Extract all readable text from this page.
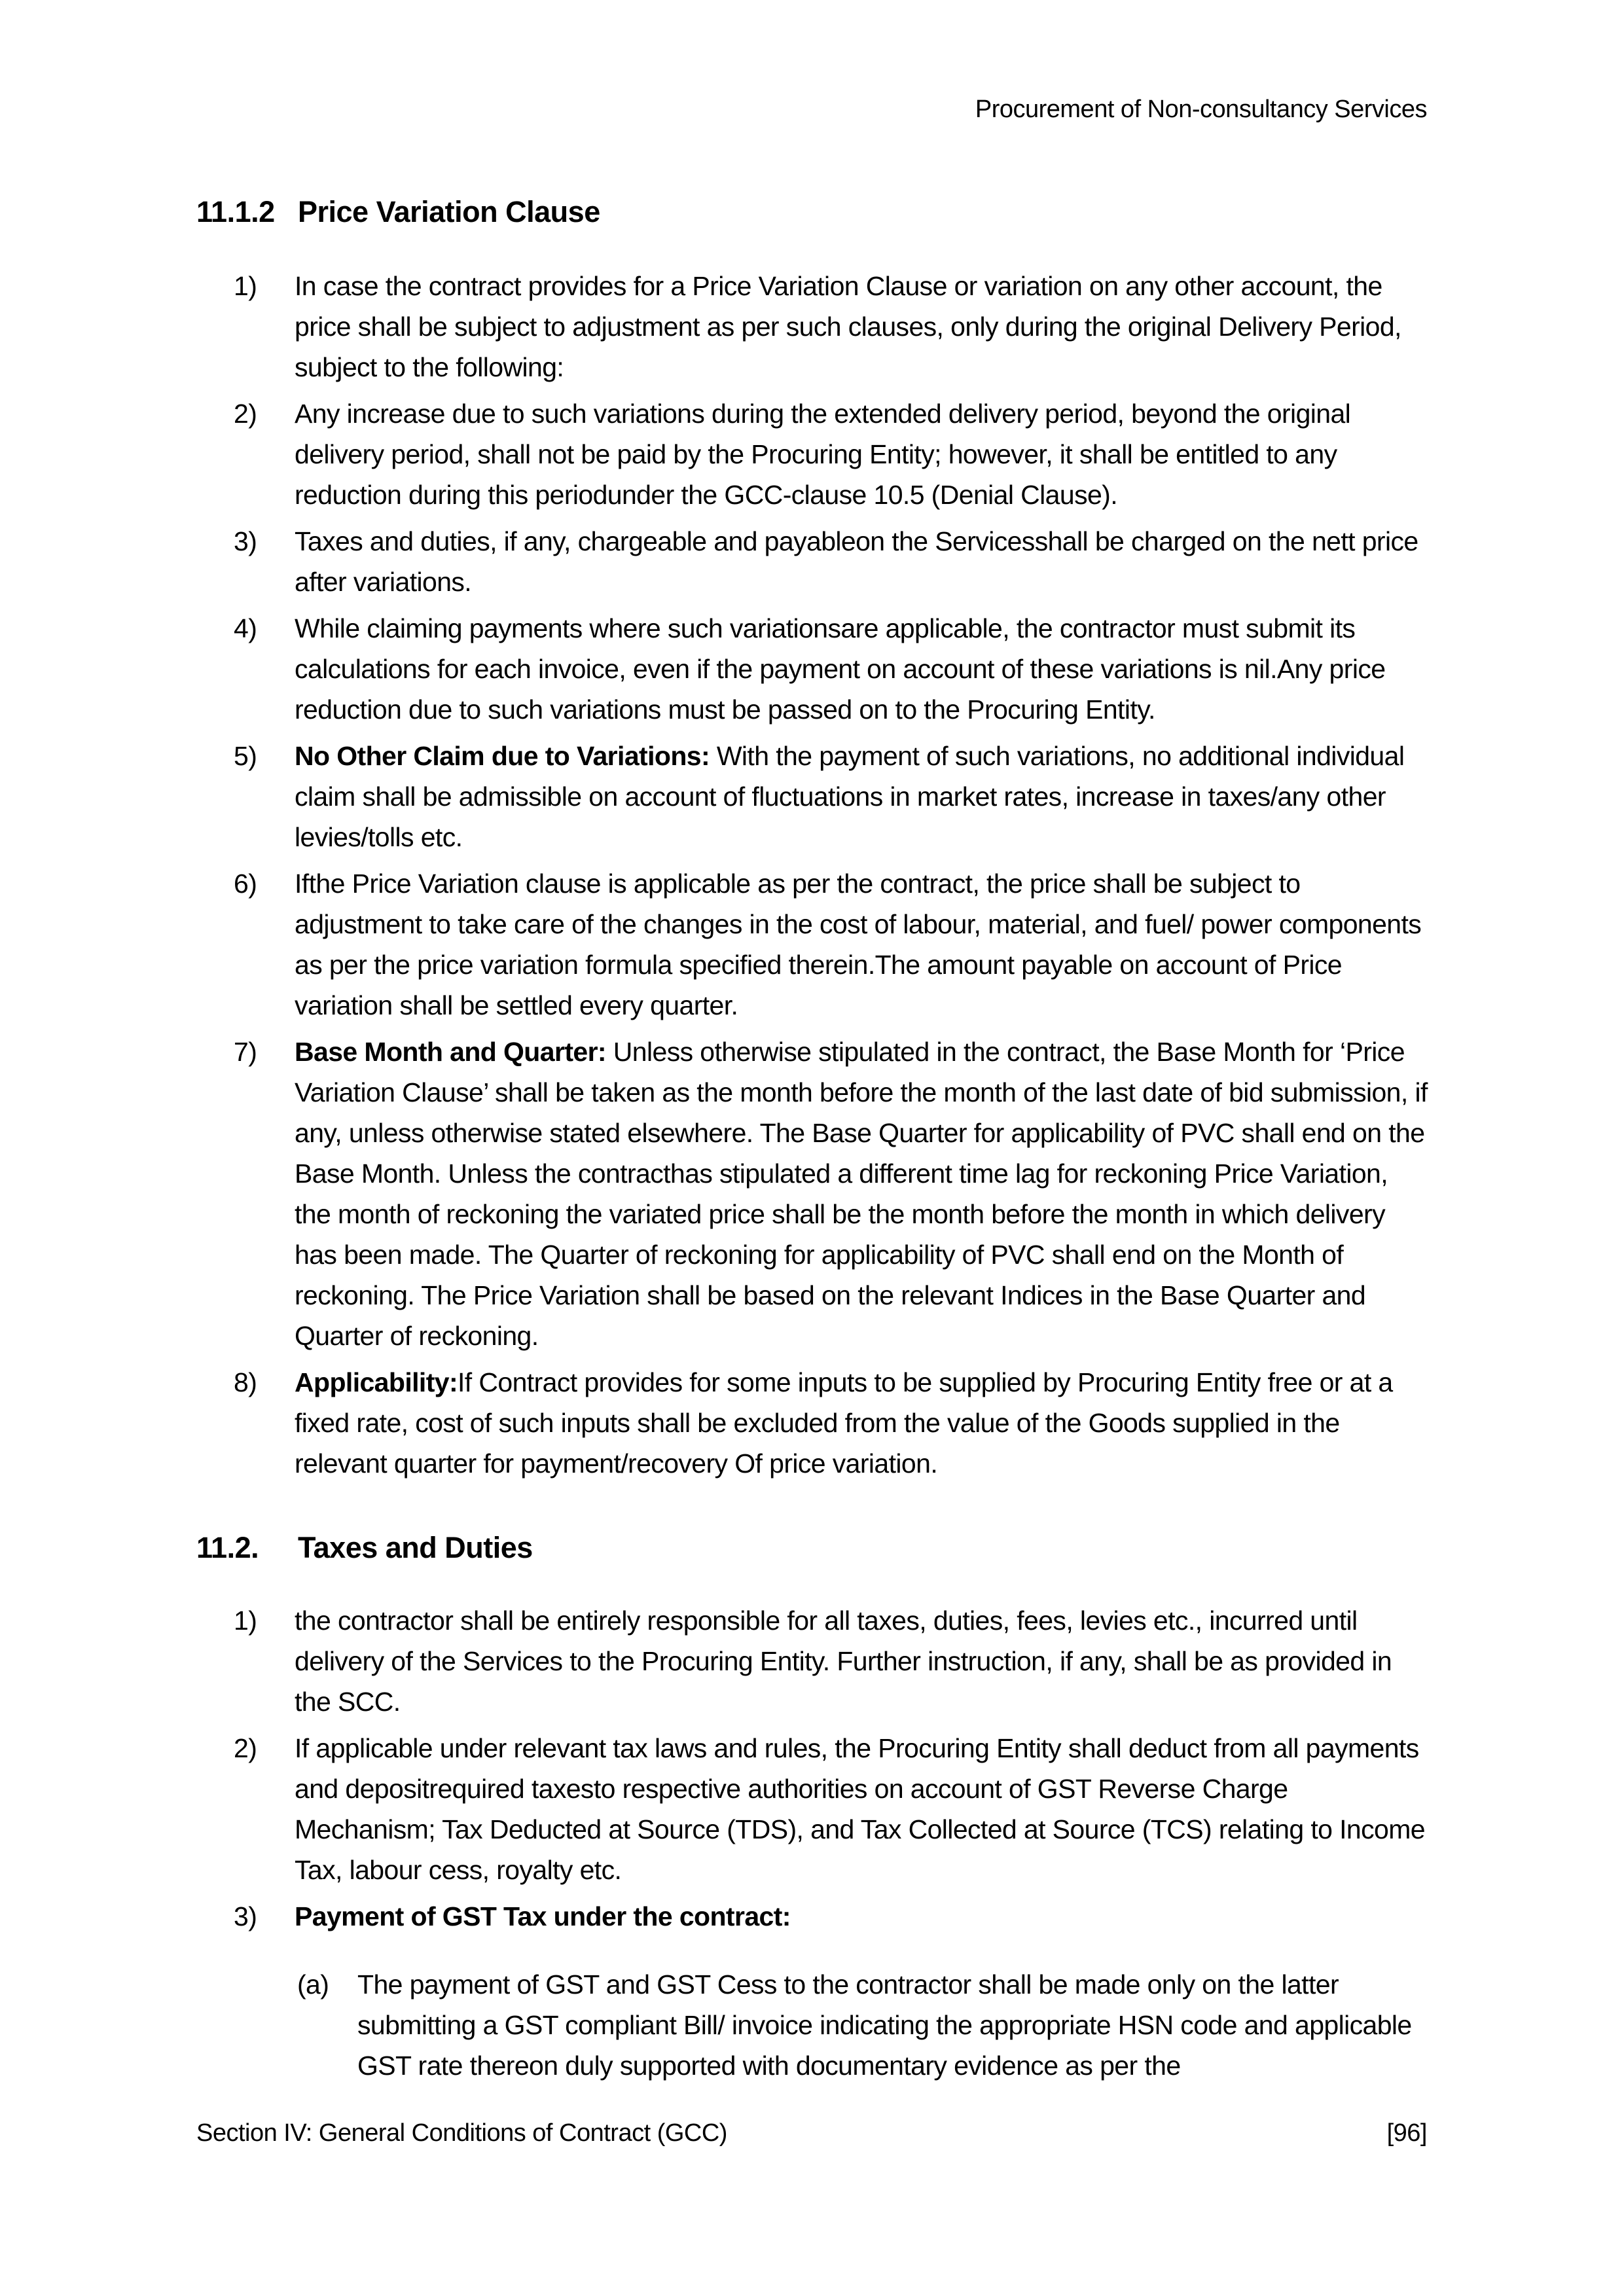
Procurement of Non-consultancy Services
11.1.2 Price Variation Clause
1)	In case the contract provides for a Price Variation Clause or variation on any other account, the price shall be subject to adjustment as per such clauses, only during the original Delivery Period, subject to the following:
2)	Any increase due to such variations during the extended delivery period, beyond the original delivery period, shall not be paid by the Procuring Entity; however, it shall be entitled to any reduction during this periodunder the GCC-clause 10.5 (Denial Clause).
3)	Taxes and duties, if any, chargeable and payableon the Servicesshall be charged on the nett price after variations.
4)	While claiming payments where such variationsare applicable, the contractor must submit its calculations for each invoice, even if the payment on account of these variations is nil.Any price reduction due to such variations must be passed on to the Procuring Entity.
5)	No Other Claim due to Variations: With the payment of such variations, no additional individual claim shall be admissible on account of fluctuations in market rates, increase in taxes/any other levies/tolls etc.
6)	Ifthe Price Variation clause is applicable as per the contract, the price shall be subject to adjustment to take care of the changes in the cost of labour, material, and fuel/ power components as per the price variation formula specified therein.The amount payable on account of Price variation shall be settled every quarter.
7)	Base Month and Quarter: Unless otherwise stipulated in the contract, the Base Month for ‘Price Variation Clause’ shall be taken as the month before the month of the last date of bid submission, if any, unless otherwise stated elsewhere. The Base Quarter for applicability of PVC shall end on the Base Month. Unless the contracthas stipulated a different time lag for reckoning Price Variation, the month of reckoning the variated price shall be the month before the month in which delivery has been made. The Quarter of reckoning for applicability of PVC shall end on the Month of reckoning. The Price Variation shall be based on the relevant Indices in the Base Quarter and Quarter of reckoning.
8)	Applicability:If Contract provides for some inputs to be supplied by Procuring Entity free or at a fixed rate, cost of such inputs shall be excluded from the value of the Goods supplied in the relevant quarter for payment/recovery Of price variation.
11.2.	Taxes and Duties
1)	the contractor shall be entirely responsible for all taxes, duties, fees, levies etc., incurred until delivery of the Services to the Procuring Entity. Further instruction, if any, shall be as provided in the SCC.
2)	If applicable under relevant tax laws and rules, the Procuring Entity shall deduct from all payments and depositrequired taxesto respective authorities on account of GST Reverse Charge Mechanism; Tax Deducted at Source (TDS), and Tax Collected at Source (TCS) relating to Income Tax, labour cess, royalty etc.
3)	Payment of GST Tax under the contract:
(a)	The payment of GST and GST Cess to the contractor shall be made only on the latter submitting a GST compliant Bill/ invoice indicating the appropriate HSN code and applicable GST rate thereon duly supported with documentary evidence as per the
Section IV: General Conditions of Contract (GCC)	[96]
